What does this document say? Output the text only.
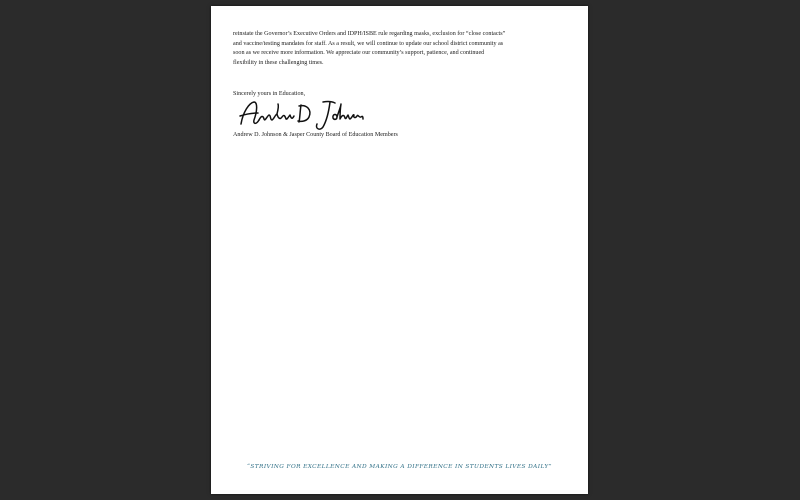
reinstate the Governor’s Executive Orders and IDPH/ISBE rule regarding masks, exclusion for “close contacts”
and vaccine/testing mandates for staff. As a result, we will continue to update our school district community as
soon as we receive more information. We appreciate our community’s support, patience, and continued
flexibility in these challenging times.

Sincerely yours in Education,

Andrew D. Johnson & Jasper County Board of Education Members

“STRIVING FOR EXCELLENCE AND MAKING A DIFFERENCE IN STUDENTS LIVES DAILY”
